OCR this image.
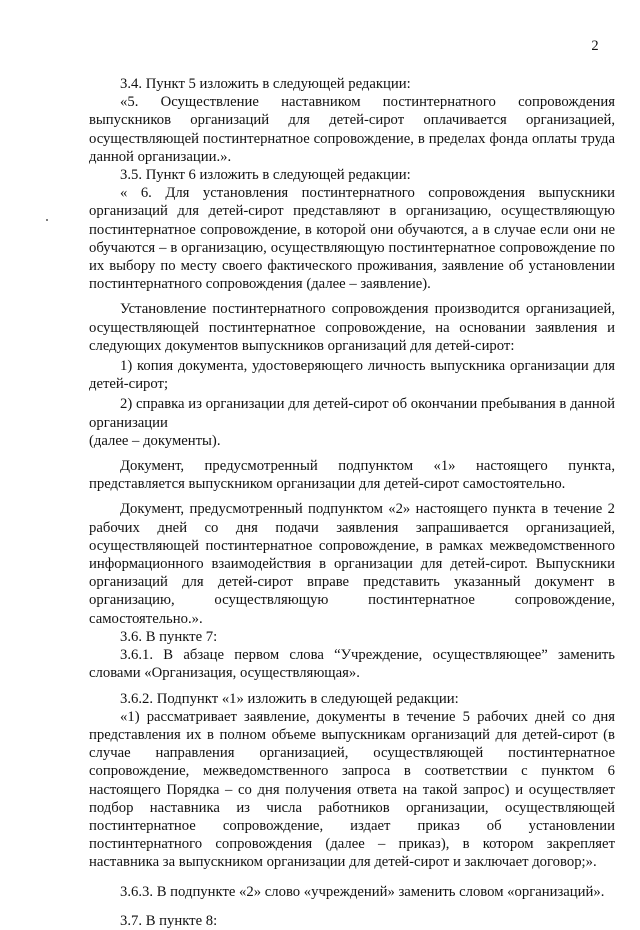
2

3.4. Пункт 5 изложить в следующей редакции:

«5. Осуществление наставником постинтернатного сопровождения выпускников организаций для детей-сирот оплачивается организацией, осуществляющей постинтернатное сопровождение, в пределах фонда оплаты труда данной организации.».

3.5. Пункт 6 изложить в следующей редакции:

« 6. Для установления постинтернатного сопровождения выпускники организаций для детей-сирот представляют в организацию, осуществляющую постинтернатное сопровождение, в которой они обучаются, а в случае если они не обучаются – в организацию, осуществляющую постинтернатное сопровождение по их выбору по месту своего фактического проживания, заявление об установлении постинтернатного сопровождения (далее – заявление).

Установление постинтернатного сопровождения производится организацией, осуществляющей постинтернатное сопровождение, на основании заявления и следующих документов выпускников организаций для детей-сирот:

1) копия документа, удостоверяющего личность выпускника организации для детей-сирот;

2) справка из организации для детей-сирот об окончании пребывания в данной организации

(далее – документы).

Документ, предусмотренный подпунктом «1» настоящего пункта, представляется выпускником организации для детей-сирот самостоятельно.

Документ, предусмотренный подпунктом «2» настоящего пункта в течение 2 рабочих дней со дня подачи заявления запрашивается организацией, осуществляющей постинтернатное сопровождение, в рамках межведомственного информационного взаимодействия в организации для детей-сирот. Выпускники организаций для детей-сирот вправе представить указанный документ в организацию, осуществляющую постинтернатное сопровождение, самостоятельно.».

3.6. В пункте 7:

3.6.1. В абзаце первом слова “Учреждение, осуществляющее” заменить словами «Организация, осуществляющая».

3.6.2. Подпункт «1» изложить в следующей редакции:

«1) рассматривает заявление, документы в течение 5 рабочих дней со дня представления их в полном объеме выпускникам организаций для детей-сирот (в случае направления организацией, осуществляющей постинтернатное сопровождение, межведомственного запроса в соответствии с пунктом 6 настоящего Порядка – со дня получения ответа на такой запрос) и осуществляет подбор наставника из числа работников организации, осуществляющей постинтернатное сопровождение, издает приказ об установлении постинтернатного сопровождения (далее – приказ), в котором закрепляет наставника за выпускником организации для детей-сирот и заключает договор;».

3.6.3. В подпункте «2» слово «учреждений» заменить словом «организаций».

3.7. В пункте 8:
